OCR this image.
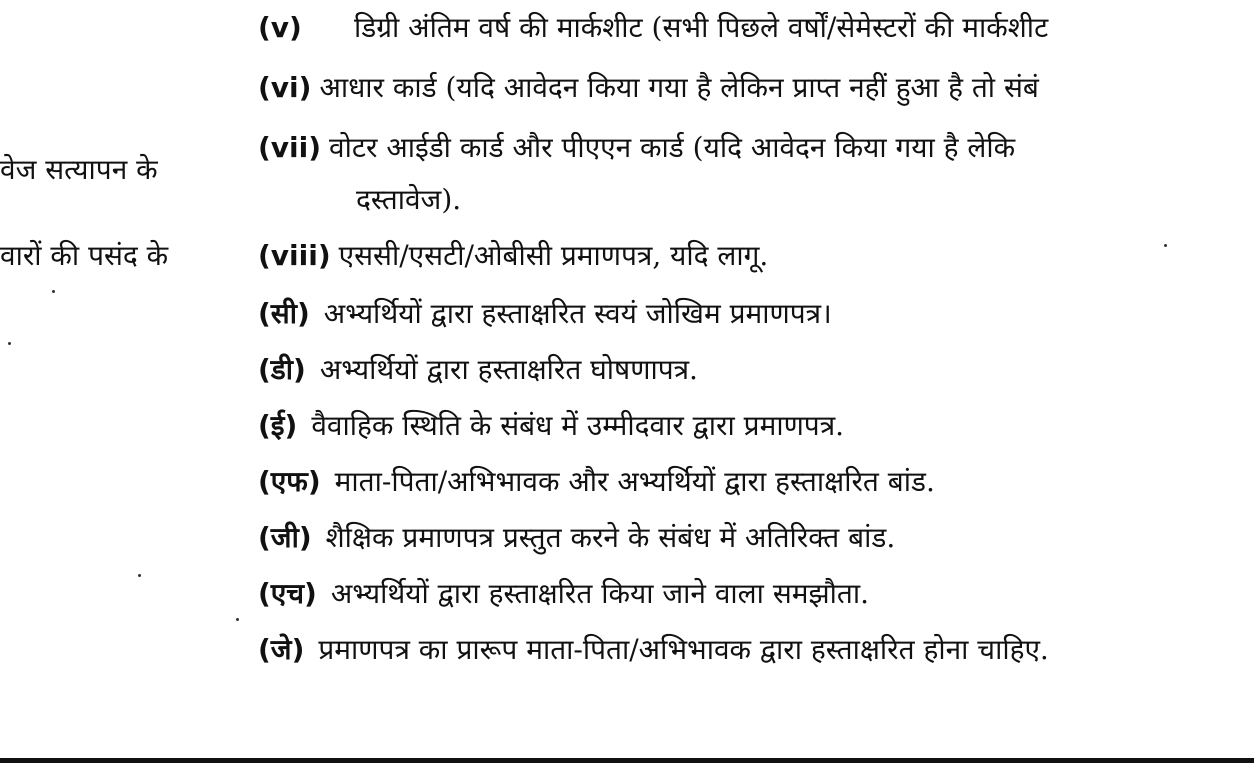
वेज सत्यापन के
वारों की पसंद के
(v) डिग्री अंतिम वर्ष की मार्कशीट (सभी पिछले वर्षों/सेमेस्टरों की मार्कशीट
(vi) आधार कार्ड (यदि आवेदन किया गया है लेकिन प्राप्त नहीं हुआ है तो संबं
(vii) वोटर आईडी कार्ड और पीएएन कार्ड (यदि आवेदन किया गया है लेकि
दस्तावेज).
(viii) एससी/एसटी/ओबीसी प्रमाणपत्र, यदि लागू.
(सी) अभ्यर्थियों द्वारा हस्ताक्षरित स्वयं जोखिम प्रमाणपत्र।
(डी) अभ्यर्थियों द्वारा हस्ताक्षरित घोषणापत्र.
(ई) वैवाहिक स्थिति के संबंध में उम्मीदवार द्वारा प्रमाणपत्र.
(एफ) माता-पिता/अभिभावक और अभ्यर्थियों द्वारा हस्ताक्षरित बांड.
(जी) शैक्षिक प्रमाणपत्र प्रस्तुत करने के संबंध में अतिरिक्त बांड.
(एच) अभ्यर्थियों द्वारा हस्ताक्षरित किया जाने वाला समझौता.
(जे) प्रमाणपत्र का प्रारूप माता-पिता/अभिभावक द्वारा हस्ताक्षरित होना चाहिए.
